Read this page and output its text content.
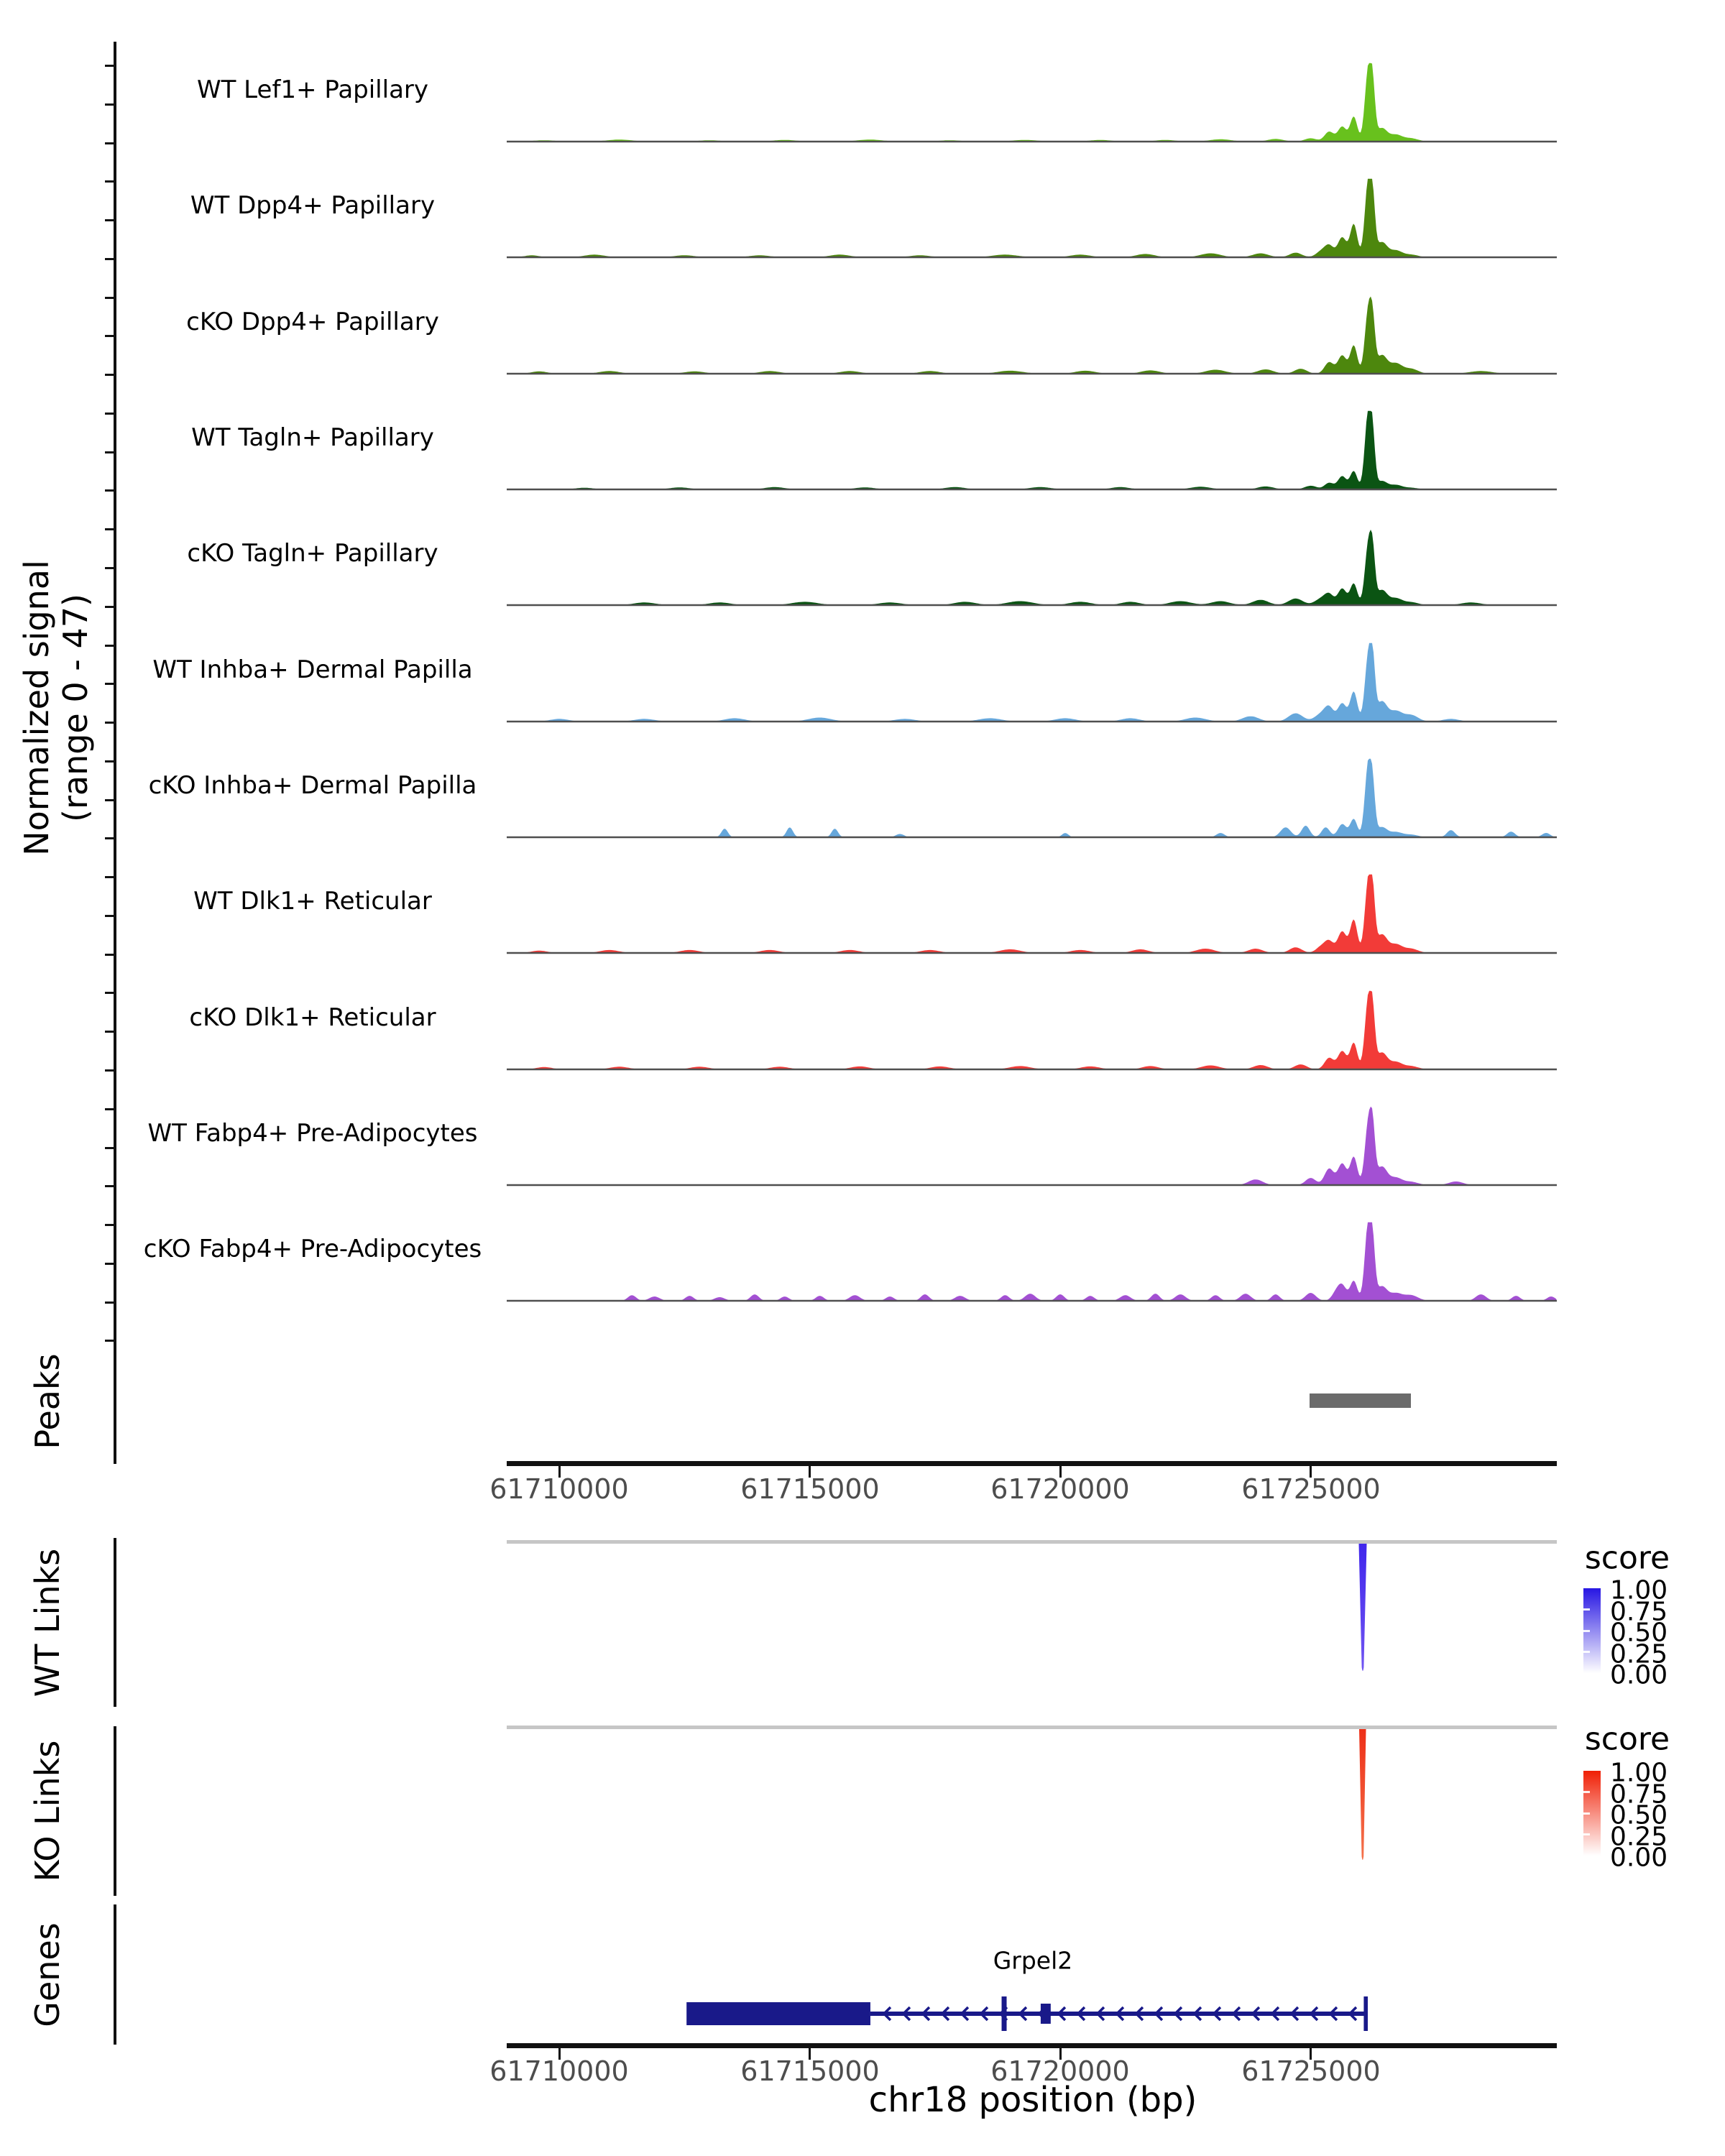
Normalized signal (range 0 - 47)
WT Lef1+ Papillary
WT Dpp4+ Papillary
cKO Dpp4+ Papillary
WT Tagln+ Papillary
cKO Tagln+ Papillary
WT Inhba+ Dermal Papilla
cKO Inhba+ Dermal Papilla
WT Dlk1+ Reticular
cKO Dlk1+ Reticular
WT Fabp4+ Pre-Adipocytes
cKO Fabp4+ Pre-Adipocytes
Peaks
WT Links
KO Links
Genes
61710000	61715000	61720000	61725000
score
1.00
0.75
0.50
0.25
0.00
score
1.00
0.75
0.50
0.25
0.00
Grpel2
61710000	61715000	61720000	61725000
chr18 position (bp)
